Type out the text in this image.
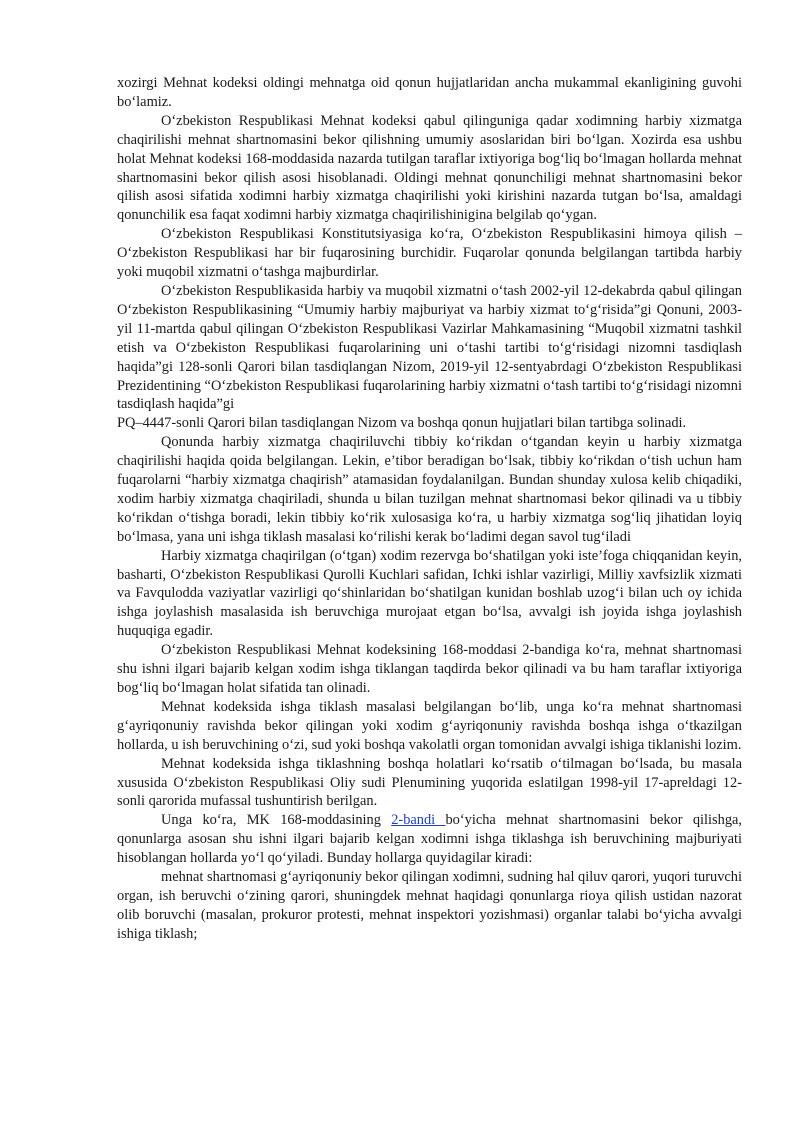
xozirgi Mehnat kodeksi oldingi mehnatga oid qonun hujjatlaridan ancha mukammal ekanligining guvohi bo‘lamiz.

O‘zbekiston Respublikasi Mehnat kodeksi qabul qilinguniga qadar xodimning harbiy xizmatga chaqirilishi mehnat shartnomasini bekor qilishning umumiy asoslaridan biri bo‘lgan. Xozirda esa ushbu holat Mehnat kodeksi 168-moddasida nazarda tutilgan taraflar ixtiyoriga bog‘liq bo‘lmagan hollarda mehnat shartnomasini bekor qilish asosi hisoblanadi. Oldingi mehnat qonunchiligi mehnat shartnomasini bekor qilish asosi sifatida xodimni harbiy xizmatga chaqirilishi yoki kirishini nazarda tutgan bo‘lsa, amaldagi qonunchilik esa faqat xodimni harbiy xizmatga chaqirilishinigina belgilab qo‘ygan.

O‘zbekiston Respublikasi Konstitutsiyasiga ko‘ra, O‘zbekiston Respublikasini himoya qilish – O‘zbekiston Respublikasi har bir fuqarosining burchidir. Fuqarolar qonunda belgilangan tartibda harbiy yoki muqobil xizmatni o‘tashga majburdirlar.

O‘zbekiston Respublikasida harbiy va muqobil xizmatni o‘tash 2002-yil 12-dekabrda qabul qilingan O‘zbekiston Respublikasining “Umumiy harbiy majburiyat va harbiy xizmat to‘g‘risida”gi Qonuni, 2003-yil 11-martda qabul qilingan O‘zbekiston Respublikasi Vazirlar Mahkamasining “Muqobil xizmatni tashkil etish va O‘zbekiston Respublikasi fuqarolarining uni o‘tashi tartibi to‘g‘risidagi nizomni tasdiqlash haqida”gi 128-sonli Qarori bilan tasdiqlangan Nizom, 2019-yil 12-sentyabrdagi O‘zbekiston Respublikasi Prezidentining “O‘zbekiston Respublikasi fuqarolarining harbiy xizmatni o‘tash tartibi to‘g‘risidagi nizomni tasdiqlash haqida”gi

PQ–4447-sonli Qarori bilan tasdiqlangan Nizom va boshqa qonun hujjatlari bilan tartibga solinadi.

Qonunda harbiy xizmatga chaqiriluvchi tibbiy ko‘rikdan o‘tgandan keyin u harbiy xizmatga chaqirilishi haqida qoida belgilangan. Lekin, e’tibor beradigan bo‘lsak, tibbiy ko‘rikdan o‘tish uchun ham fuqarolarni “harbiy xizmatga chaqirish” atamasidan foydalanilgan. Bundan shunday xulosa kelib chiqadiki, xodim harbiy xizmatga chaqiriladi, shunda u bilan tuzilgan mehnat shartnomasi bekor qilinadi va u tibbiy ko‘rikdan o‘tishga boradi, lekin tibbiy ko‘rik xulosasiga ko‘ra, u harbiy xizmatga sog‘liq jihatidan loyiq bo‘lmasa, yana uni ishga tiklash masalasi ko‘rilishi kerak bo‘ladimi degan savol tug‘iladi

Harbiy xizmatga chaqirilgan (o‘tgan) xodim rezervga bo‘shatilgan yoki iste’foga chiqqanidan keyin, basharti, O‘zbekiston Respublikasi Qurolli Kuchlari safidan, Ichki ishlar vazirligi, Milliy xavfsizlik xizmati va Favqulodda vaziyatlar vazirligi qo‘shinlaridan bo‘shatilgan kunidan boshlab uzog‘i bilan uch oy ichida ishga joylashish masalasida ish beruvchiga murojaat etgan bo‘lsa, avvalgi ish joyida ishga joylashish huquqiga egadir.

O‘zbekiston Respublikasi Mehnat kodeksining 168-moddasi 2-bandiga ko‘ra, mehnat shartnomasi shu ishni ilgari bajarib kelgan xodim ishga tiklangan taqdirda bekor qilinadi va bu ham taraflar ixtiyoriga bog‘liq bo‘lmagan holat sifatida tan olinadi.

Mehnat kodeksida ishga tiklash masalasi belgilangan bo‘lib, unga ko‘ra mehnat shartnomasi g‘ayriqonuniy ravishda bekor qilingan yoki xodim g‘ayriqonuniy ravishda boshqa ishga o‘tkazilgan hollarda, u ish beruvchining o‘zi, sud yoki boshqa vakolatli organ tomonidan avvalgi ishiga tiklanishi lozim.

Mehnat kodeksida ishga tiklashning boshqa holatlari ko‘rsatib o‘tilmagan bo‘lsada, bu masala xususida O‘zbekiston Respublikasi Oliy sudi Plenumining yuqorida eslatilgan 1998-yil 17-apreldagi 12-sonli qarorida mufassal tushuntirish berilgan.

Unga ko‘ra, MK 168-moddasining 2-bandi bo‘yicha mehnat shartnomasini bekor qilishga, qonunlarga asosan shu ishni ilgari bajarib kelgan xodimni ishga tiklashga ish beruvchining majburiyati hisoblangan hollarda yo‘l qo‘yiladi. Bunday hollarga quyidagilar kiradi:

mehnat shartnomasi g‘ayriqonuniy bekor qilingan xodimni, sudning hal qiluv qarori, yuqori turuvchi organ, ish beruvchi o‘zining qarori, shuningdek mehnat haqidagi qonunlarga rioya qilish ustidan nazorat olib boruvchi (masalan, prokuror protesti, mehnat inspektori yozishmasi) organlar talabi bo‘yicha avvalgi ishiga tiklash;
